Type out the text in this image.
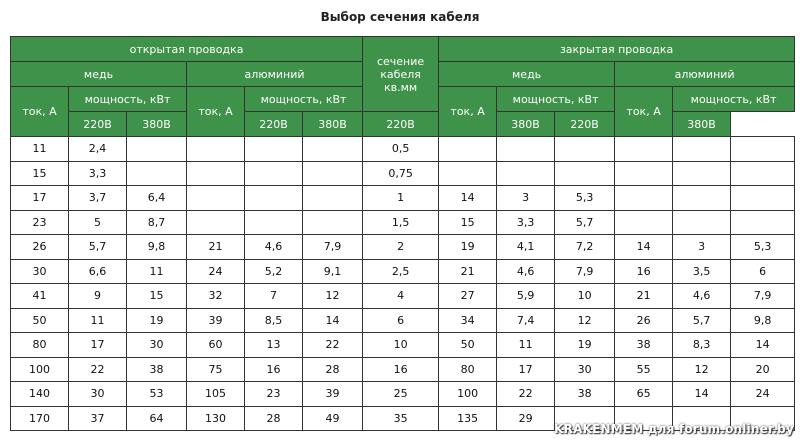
Выбор сечения кабеля
открытая проводка						сечение кабеля кв.мм	закрытая проводка					
медь			алюминий				медь			алюминий		
ток, А	мощность, кВт		ток, А	мощность, кВт			ток, А	мощность, кВт		ток, А	мощность, кВт	
	220В	380В		220В	380В	220В		380В	220В		380В	
11	2,4					0,5						
15	3,3					0,75						
17	3,7	6,4				1	14	3	5,3			
23	5	8,7				1,5	15	3,3	5,7			
26	5,7	9,8	21	4,6	7,9	2	19	4,1	7,2	14	3	5,3
30	6,6	11	24	5,2	9,1	2,5	21	4,6	7,9	16	3,5	6
41	9	15	32	7	12	4	27	5,9	10	21	4,6	7,9
50	11	19	39	8,5	14	6	34	7,4	12	26	5,7	9,8
80	17	30	60	13	22	10	50	11	19	38	8,3	14
100	22	38	75	16	28	16	80	17	30	55	12	20
140	30	53	105	23	39	25	100	22	38	65	14	24
170	37	64	130	28	49	35	135	29				
KRAKENMEM для forum.onliner.by
